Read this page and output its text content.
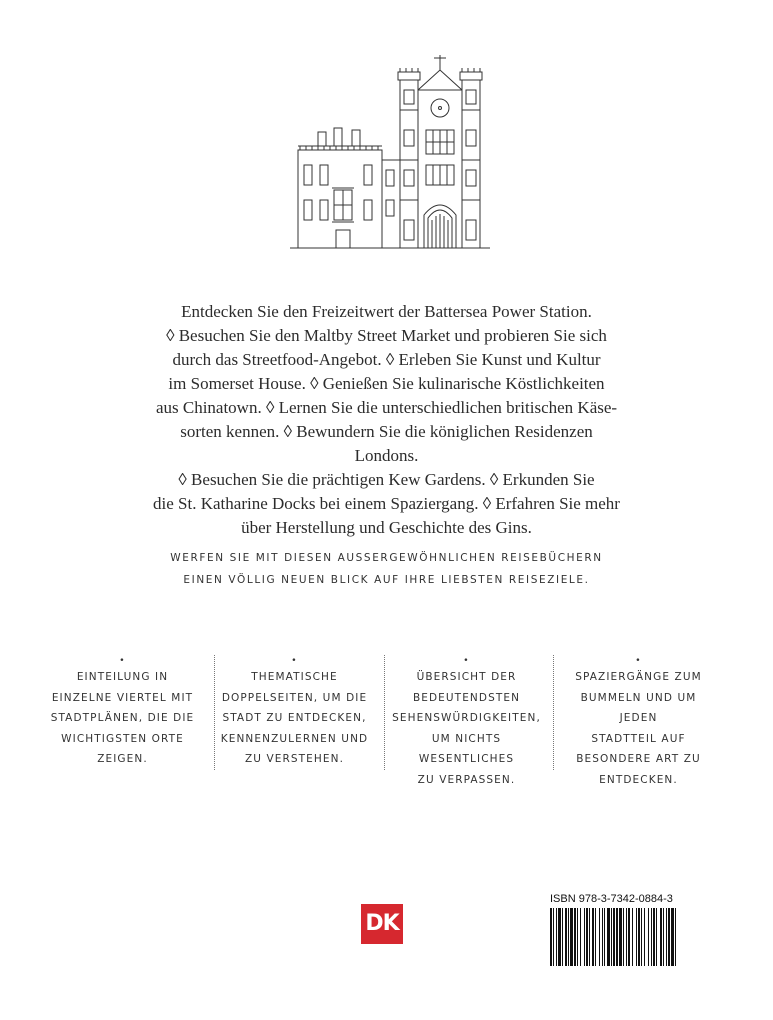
Entdecken Sie den Freizeitwert der Battersea Power Station.
◊ Besuchen Sie den Maltby Street Market und probieren Sie sich
durch das Streetfood-Angebot. ◊ Erleben Sie Kunst und Kultur
im Somerset House. ◊ Genießen Sie kulinarische Köstlichkeiten
aus Chinatown. ◊ Lernen Sie die unterschiedlichen britischen Käse-
sorten kennen. ◊ Bewundern Sie die königlichen Residenzen Londons.
◊ Besuchen Sie die prächtigen Kew Gardens. ◊ Erkunden Sie
die St. Katharine Docks bei einem Spaziergang. ◊ Erfahren Sie mehr
über Herstellung und Geschichte des Gins.
WERFEN SIE MIT DIESEN AUSSERGEWÖHNLICHEN REISEBÜCHERN
EINEN VÖLLIG NEUEN BLICK AUF IHRE LIEBSTEN REISEZIELE.
•
EINTEILUNG IN
EINZELNE VIERTEL MIT
STADTPLÄNEN, DIE DIE
WICHTIGSTEN ORTE
ZEIGEN.
•
THEMATISCHE
DOPPELSEITEN, UM DIE
STADT ZU ENTDECKEN,
KENNENZULERNEN UND
ZU VERSTEHEN.
•
ÜBERSICHT DER
BEDEUTENDSTEN
SEHENSWÜRDIGKEITEN,
UM NICHTS WESENTLICHES
ZU VERPASSEN.
•
SPAZIERGÄNGE ZUM
BUMMELN UND UM JEDEN
STADTTEIL AUF
BESONDERE ART ZU
ENTDECKEN.
DK
ISBN 978-3-7342-0884-3
